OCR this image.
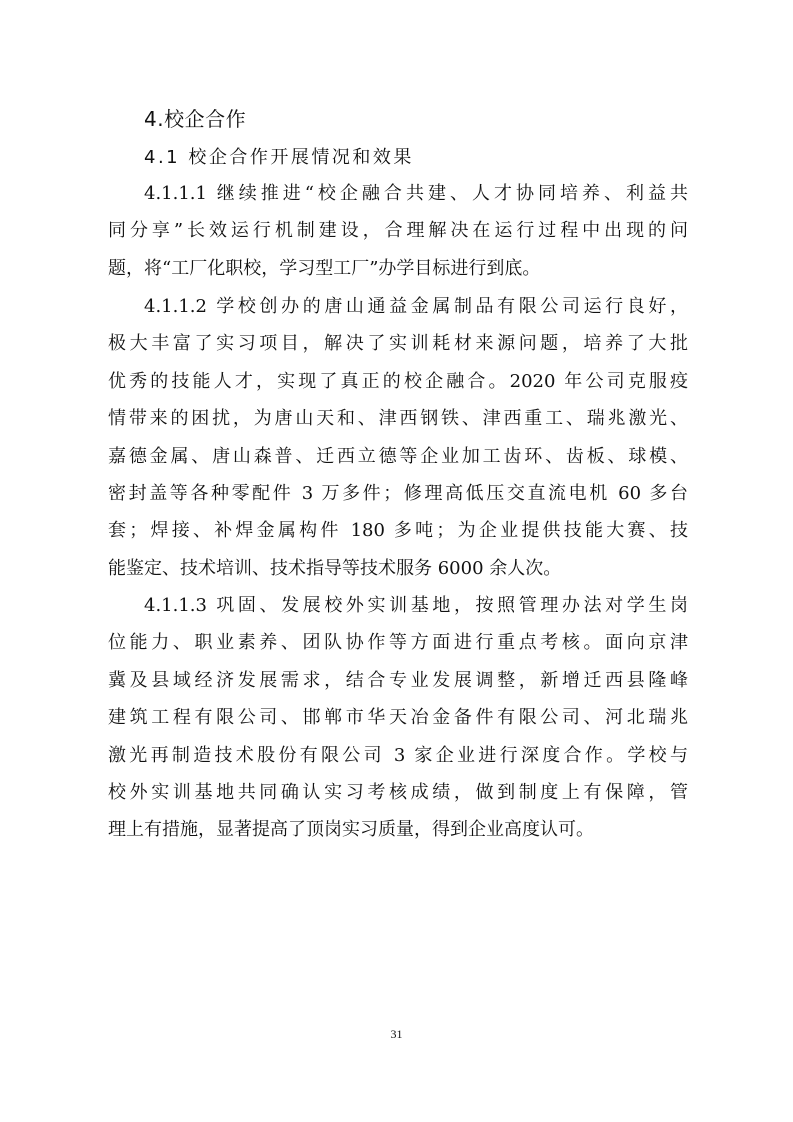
4.校企合作
4.1 校企合作开展情况和效果
4.1.1.1 继续推进“校企融合共建、人才协同培养、利益共
同分享”长效运行机制建设，合理解决在运行过程中出现的问
题，将“工厂化职校，学习型工厂”办学目标进行到底。
4.1.1.2 学校创办的唐山通益金属制品有限公司运行良好，
极大丰富了实习项目，解决了实训耗材来源问题，培养了大批
优秀的技能人才，实现了真正的校企融合。2020 年公司克服疫
情带来的困扰，为唐山天和、津西钢铁、津西重工、瑞兆激光、
嘉德金属、唐山森普、迁西立德等企业加工齿环、齿板、球模、
密封盖等各种零配件 3 万多件；修理高低压交直流电机 60 多台
套；焊接、补焊金属构件 180 多吨；为企业提供技能大赛、技
能鉴定、技术培训、技术指导等技术服务 6000 余人次。
4.1.1.3 巩固、发展校外实训基地，按照管理办法对学生岗
位能力、职业素养、团队协作等方面进行重点考核。面向京津
冀及县域经济发展需求，结合专业发展调整，新增迁西县隆峰
建筑工程有限公司、邯郸市华天冶金备件有限公司、河北瑞兆
激光再制造技术股份有限公司 3 家企业进行深度合作。学校与
校外实训基地共同确认实习考核成绩，做到制度上有保障，管
理上有措施，显著提高了顶岗实习质量，得到企业高度认可。
31
